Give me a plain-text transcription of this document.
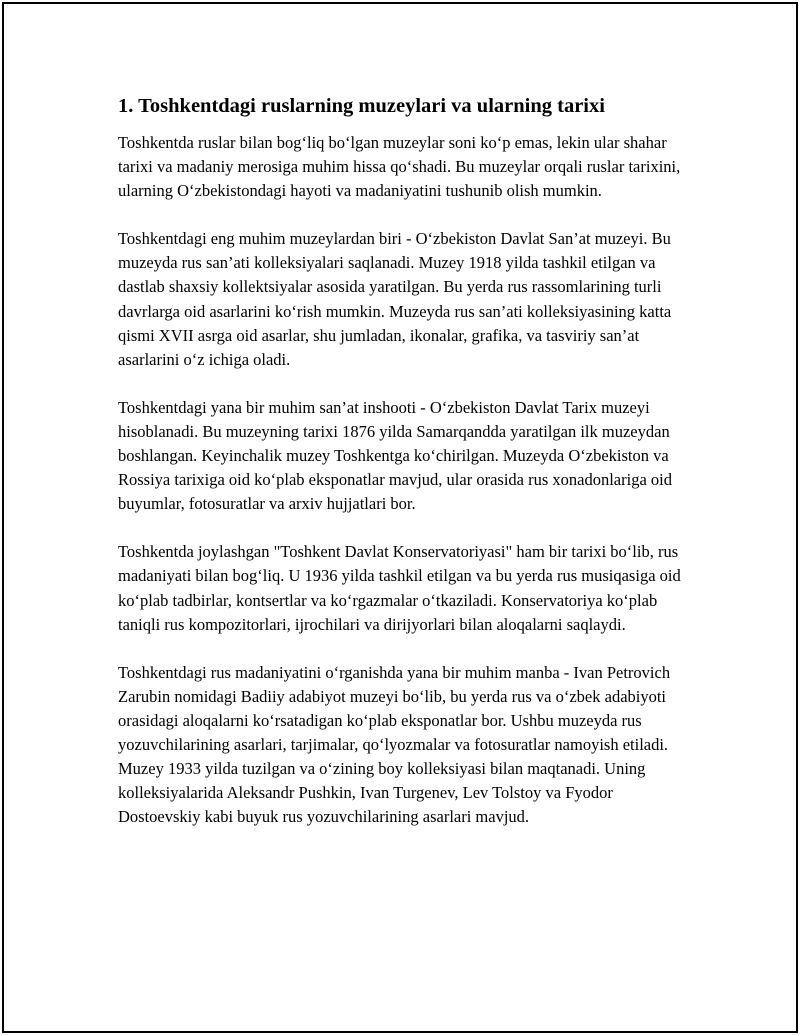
1. Toshkentdagi ruslarning muzeylari va ularning tarixi

Toshkentda ruslar bilan bog‘liq bo‘lgan muzeylar soni ko‘p emas, lekin ular shahar tarixi va madaniy merosiga muhim hissa qo‘shadi. Bu muzeylar orqali ruslar tarixini, ularning O‘zbekistondagi hayoti va madaniyatini tushunib olish mumkin.

Toshkentdagi eng muhim muzeylardan biri - O‘zbekiston Davlat San’at muzeyi. Bu muzeyda rus san’ati kolleksiyalari saqlanadi. Muzey 1918 yilda tashkil etilgan va dastlab shaxsiy kollektsiyalar asosida yaratilgan. Bu yerda rus rassomlarining turli davrlarga oid asarlarini ko‘rish mumkin. Muzeyda rus san’ati kolleksiyasining katta qismi XVII asrga oid asarlar, shu jumladan, ikonalar, grafika, va tasviriy san’at asarlarini o‘z ichiga oladi.

Toshkentdagi yana bir muhim san’at inshooti - O‘zbekiston Davlat Tarix muzeyi hisoblanadi. Bu muzeyning tarixi 1876 yilda Samarqandda yaratilgan ilk muzeydan boshlangan. Keyinchalik muzey Toshkentga ko‘chirilgan. Muzeyda O‘zbekiston va Rossiya tarixiga oid ko‘plab eksponatlar mavjud, ular orasida rus xonadonlariga oid buyumlar, fotosuratlar va arxiv hujjatlari bor.

Toshkentda joylashgan "Toshkent Davlat Konservatoriyasi" ham bir tarixi bo‘lib, rus madaniyati bilan bog‘liq. U 1936 yilda tashkil etilgan va bu yerda rus musiqasiga oid ko‘plab tadbirlar, kontsertlar va ko‘rgazmalar o‘tkaziladi. Konservatoriya ko‘plab taniqli rus kompozitorlari, ijrochilari va dirijyorlari bilan aloqalarni saqlaydi.

Toshkentdagi rus madaniyatini o‘rganishda yana bir muhim manba - Ivan Petrovich Zarubin nomidagi Badiiy adabiyot muzeyi bo‘lib, bu yerda rus va o‘zbek adabiyoti orasidagi aloqalarni ko‘rsatadigan ko‘plab eksponatlar bor. Ushbu muzeyda rus yozuvchilarining asarlari, tarjimalar, qo‘lyozmalar va fotosuratlar namoyish etiladi. Muzey 1933 yilda tuzilgan va o‘zining boy kolleksiyasi bilan maqtanadi. Uning kolleksiyalarida Aleksandr Pushkin, Ivan Turgenev, Lev Tolstoy va Fyodor Dostoevskiy kabi buyuk rus yozuvchilarining asarlari mavjud.
